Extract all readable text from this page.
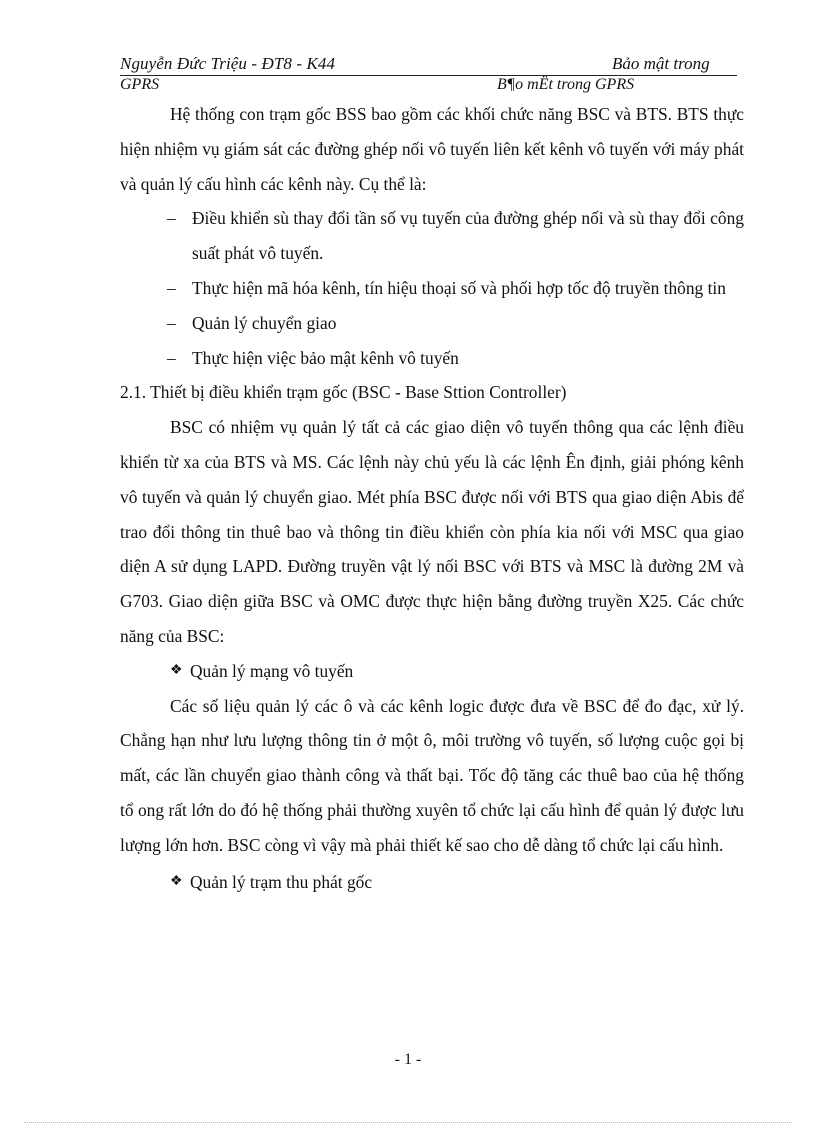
Nguyễn Đức Triệu - ĐT8 - K44	Bảo mật trong
GPRS	B¶o mËt trong GPRS

Hệ thống con trạm gốc BSS bao gồm các khối chức năng BSC và BTS. BTS thực hiện nhiệm vụ giám sát các đường ghép nối vô tuyến liên kết kênh vô tuyến với máy phát và quản lý cấu hình các kênh này. Cụ thể là:

– Điều khiển sù thay đổi tần số vụ tuyến của đường ghép nối và sù thay đổi công suất phát vô tuyến.

– Thực hiện mã hóa kênh, tín hiệu thoại số và phối hợp tốc độ truyền thông tin

– Quản lý chuyển giao

– Thực hiện việc bảo mật kênh vô tuyến

2.1. Thiết bị điều khiển trạm gốc (BSC - Base Sttion Controller)

BSC có nhiệm vụ quản lý tất cả các giao diện vô tuyến thông qua các lệnh điều khiển từ xa của BTS và MS. Các lệnh này chủ yếu là các lệnh Ên định, giải phóng kênh vô tuyến và quản lý chuyển giao. Mét phía BSC được nối với BTS qua giao diện Abis để trao đổi thông tin thuê bao và thông tin điều khiển còn phía kia nối với MSC qua giao diện A sử dụng LAPD. Đường truyền vật lý nối BSC với BTS và MSC là đường 2M và G703. Giao diện giữa BSC và OMC được thực hiện bằng đường truyền X25. Các chức năng của BSC:

❖ Quản lý mạng vô tuyến

Các số liệu quản lý các ô và các kênh logic được đưa về BSC để đo đạc, xử lý. Chẳng hạn như lưu lượng thông tin ở một ô, môi trường vô tuyến, số lượng cuộc gọi bị mất, các lần chuyển giao thành công và thất bại. Tốc độ tăng các thuê bao của hệ thống tổ ong rất lớn do đó hệ thống phải thường xuyên tổ chức lại cấu hình để quản lý được lưu lượng lớn hơn. BSC còng vì vậy mà phải thiết kế sao cho dễ dàng tổ chức lại cấu hình.

❖ Quản lý trạm thu phát gốc

- 1 -
